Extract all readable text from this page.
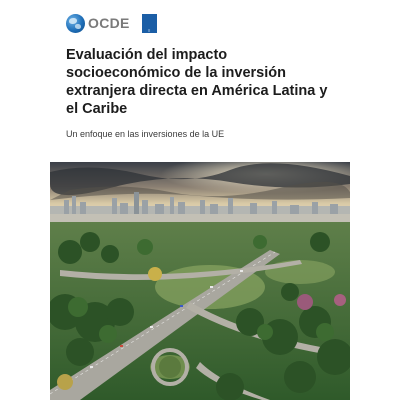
OCDE	≡
Evaluación del impacto socioeconómico de la inversión extranjera directa en América Latina y el Caribe

Un enfoque en las inversiones de la UE
